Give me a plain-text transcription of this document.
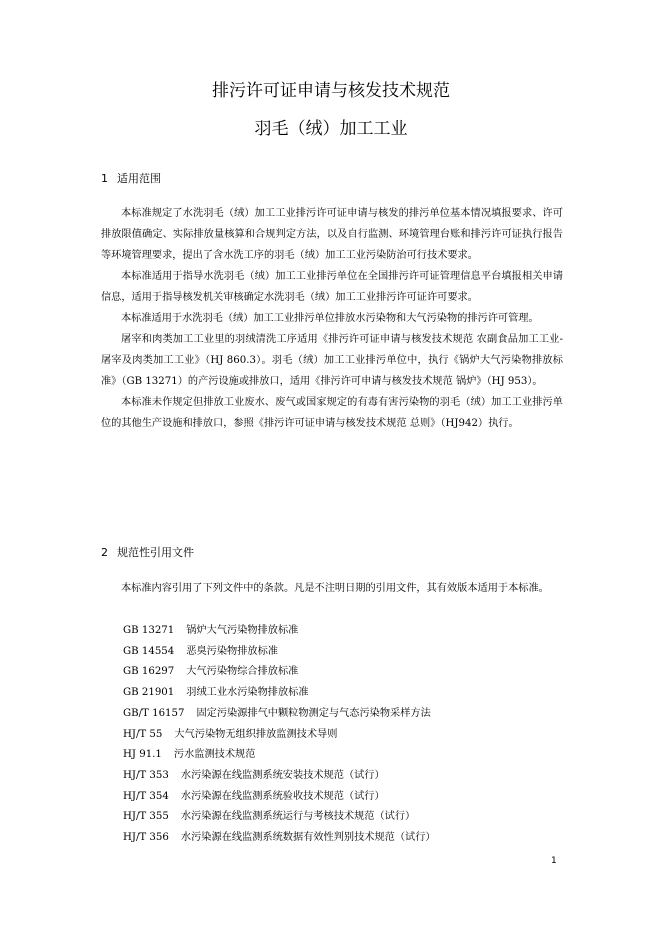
排污许可证申请与核发技术规范
羽毛（绒）加工工业
1 适用范围

本标准规定了水洗羽毛（绒）加工工业排污许可证申请与核发的排污单位基本情况填报要求、许可排放限值确定、实际排放量核算和合规判定方法，以及自行监测、环境管理台账和排污许可证执行报告等环境管理要求，提出了含水洗工序的羽毛（绒）加工工业污染防治可行技术要求。

本标准适用于指导水洗羽毛（绒）加工工业排污单位在全国排污许可证管理信息平台填报相关申请信息，适用于指导核发机关审核确定水洗羽毛（绒）加工工业排污许可证许可要求。

本标准适用于水洗羽毛（绒）加工工业排污单位排放水污染物和大气污染物的排污许可管理。

屠宰和肉类加工工业里的羽绒清洗工序适用《排污许可证申请与核发技术规范 农副食品加工工业-屠宰及肉类加工工业》（HJ 860.3）。羽毛（绒）加工工业排污单位中，执行《锅炉大气污染物排放标准》（GB 13271）的产污设施或排放口，适用《排污许可申请与核发技术规范 锅炉》（HJ 953）。

本标准未作规定但排放工业废水、废气或国家规定的有毒有害污染物的羽毛（绒）加工工业排污单位的其他生产设施和排放口，参照《排污许可证申请与核发技术规范 总则》（HJ942）执行。

2 规范性引用文件

本标准内容引用了下列文件中的条款。凡是不注明日期的引用文件，其有效版本适用于本标准。

GB 13271 锅炉大气污染物排放标准
GB 14554 恶臭污染物排放标准
GB 16297 大气污染物综合排放标准
GB 21901 羽绒工业水污染物排放标准
GB/T 16157 固定污染源排气中颗粒物测定与气态污染物采样方法
HJ/T 55 大气污染物无组织排放监测技术导则
HJ 91.1 污水监测技术规范
HJ/T 353 水污染源在线监测系统安装技术规范（试行）
HJ/T 354 水污染源在线监测系统验收技术规范（试行）
HJ/T 355 水污染源在线监测系统运行与考核技术规范（试行）
HJ/T 356 水污染源在线监测系统数据有效性判别技术规范（试行）
1
